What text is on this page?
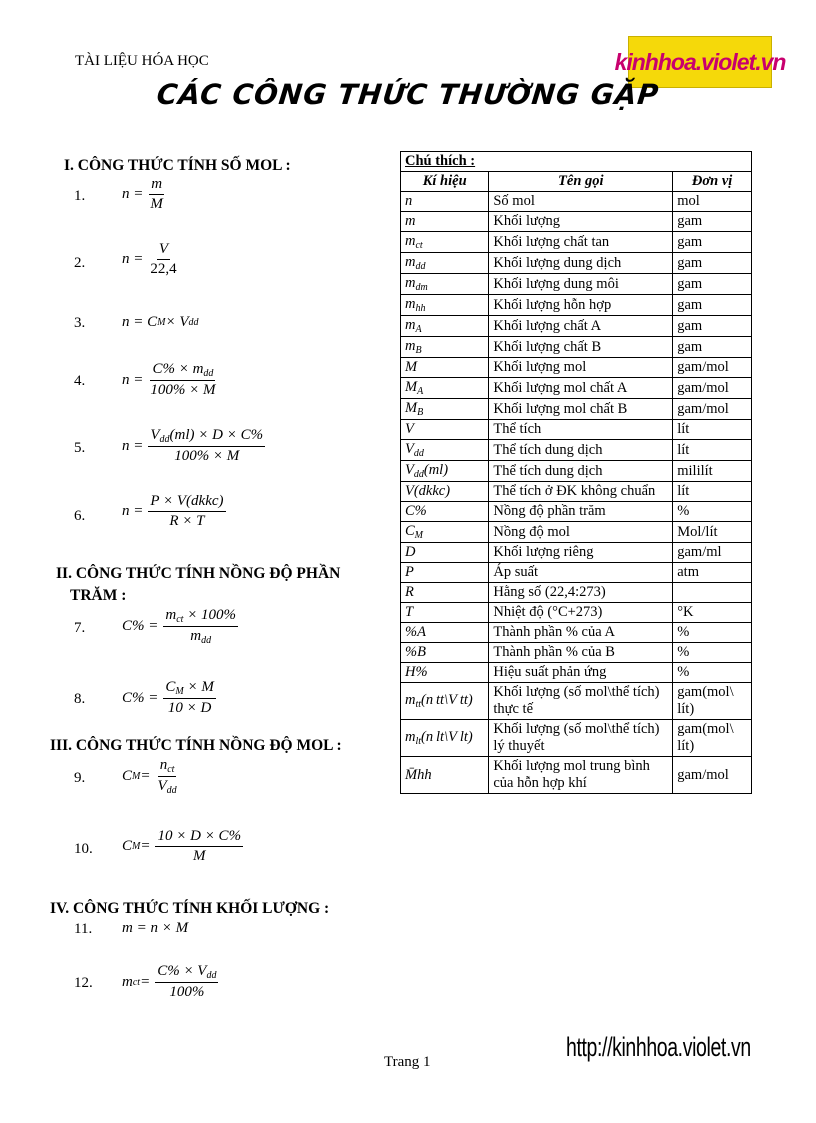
TÀI LIỆU HÓA HỌC	kinhhoa.violet.vn
CÁC CÔNG THỨC THƯỜNG GẶP
I. CÔNG THỨC TÍNH SỐ MOL :
II. CÔNG THỨC TÍNH NỒNG ĐỘ PHẦN
TRĂM :
III. CÔNG THỨC TÍNH NỒNG ĐỘ MOL :
IV. CÔNG THỨC TÍNH KHỐI LƯỢNG :
1.
2.
3.
4.
5.
6.
7.
8.
9.
10.
11.
12.
$n = \frac{m}{M}$
$n = \frac{V}{22,4}$
n = C M × V dd
$n = \frac{C\% \times m_{dd}}{100\% \times M}$
$n = \frac{V_{dd}(ml) \times D \times C\%}{100\% \times M}$
$n = \frac{\text{P × V(dkkc)}}{R \times T}$
$C\% = \frac{m_{ct} \times 100\%}{m_{dd}}$
$C\% = \frac{C_M \times M}{10 \times D}$
C $M = \frac{n_{ct}}{V_{dd}}$
C $M = \frac{10 \times D \times C\%}{M}$
m = n × M
m ct = $\frac{C\% \times V_{dd}}{100\%}$
Chú thích :		
Kí hiệu	Tên gọi	Đơn vị
n	Số mol	mol
m	Khối lượng	gam
$m_{ct}$	Khối lượng chất tan	gam
$m_{dd}$	Khối lượng dung dịch	gam
$m_{dm}$	Khối lượng dung môi	gam
$m_{hh}$	Khối lượng hỗn hợp	gam
$m_A$	Khối lượng chất A	gam
$m_B$	Khối lượng chất B	gam
M	Khối lượng mol	gam/mol
$M_A$	Khối lượng mol chất A	gam/mol
$M_B$	Khối lượng mol chất B	gam/mol
V	Thể tích	lít
$V_{dd}$	Thể tích dung dịch	lít
$V_{dd}(ml)$	Thể tích dung dịch	mililít
V(dkkc)	Thể tích ở ĐK không chuẩn	lít
C%	Nồng độ phần trăm	%
$C_M$	Nồng độ mol	Mol/lít
D	Khối lượng riêng	gam/ml
P	Áp suất	atm
R	Hằng số (22,4:273)	
T	Nhiệt độ (°C+273)	°K
%A	Thành phần % của A	%
%B	Thành phần % của B	%
H%	Hiệu suất phản ứng	%
$m_{tt}(n$ tt\V tt)	Khối lượng (số mol\thể tích) thực tế	gam(mol\ lít)
$m_{lt}(n$ lt\V lt)	Khối lượng (số mol\thể tích) lý thuyết	gam(mol\ lít)
M̄hh	Khối lượng mol trung bình của hỗn hợp khí	gam/mol
Trang 1	http://kinhhoa.violet.vn
